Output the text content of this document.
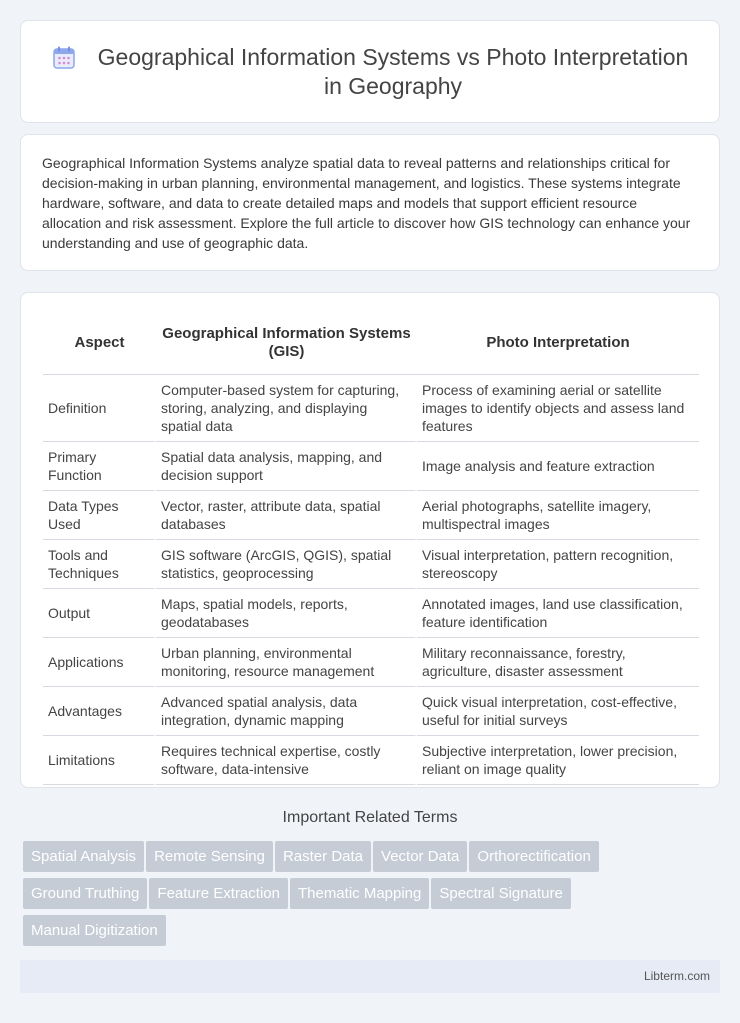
Geographical Information Systems vs Photo Interpretation in Geography

Geographical Information Systems analyze spatial data to reveal patterns and relationships critical for decision-making in urban planning, environmental management, and logistics. These systems integrate hardware, software, and data to create detailed maps and models that support efficient resource allocation and risk assessment. Explore the full article to discover how GIS technology can enhance your understanding and use of geographic data.

Aspect	Geographical Information Systems (GIS)	Photo Interpretation
Definition	Computer-based system for capturing, storing, analyzing, and displaying spatial data	Process of examining aerial or satellite images to identify objects and assess land features
Primary Function	Spatial data analysis, mapping, and decision support	Image analysis and feature extraction
Data Types Used	Vector, raster, attribute data, spatial databases	Aerial photographs, satellite imagery, multispectral images
Tools and Techniques	GIS software (ArcGIS, QGIS), spatial statistics, geoprocessing	Visual interpretation, pattern recognition, stereoscopy
Output	Maps, spatial models, reports, geodatabases	Annotated images, land use classification, feature identification
Applications	Urban planning, environmental monitoring, resource management	Military reconnaissance, forestry, agriculture, disaster assessment
Advantages	Advanced spatial analysis, data integration, dynamic mapping	Quick visual interpretation, cost-effective, useful for initial surveys
Limitations	Requires technical expertise, costly software, data-intensive	Subjective interpretation, lower precision, reliant on image quality
Important Related Terms
Spatial Analysis Remote Sensing Raster Data Vector Data Orthorectification
Ground Truthing Feature Extraction Thematic Mapping Spectral Signature
Manual Digitization
Libterm.com
